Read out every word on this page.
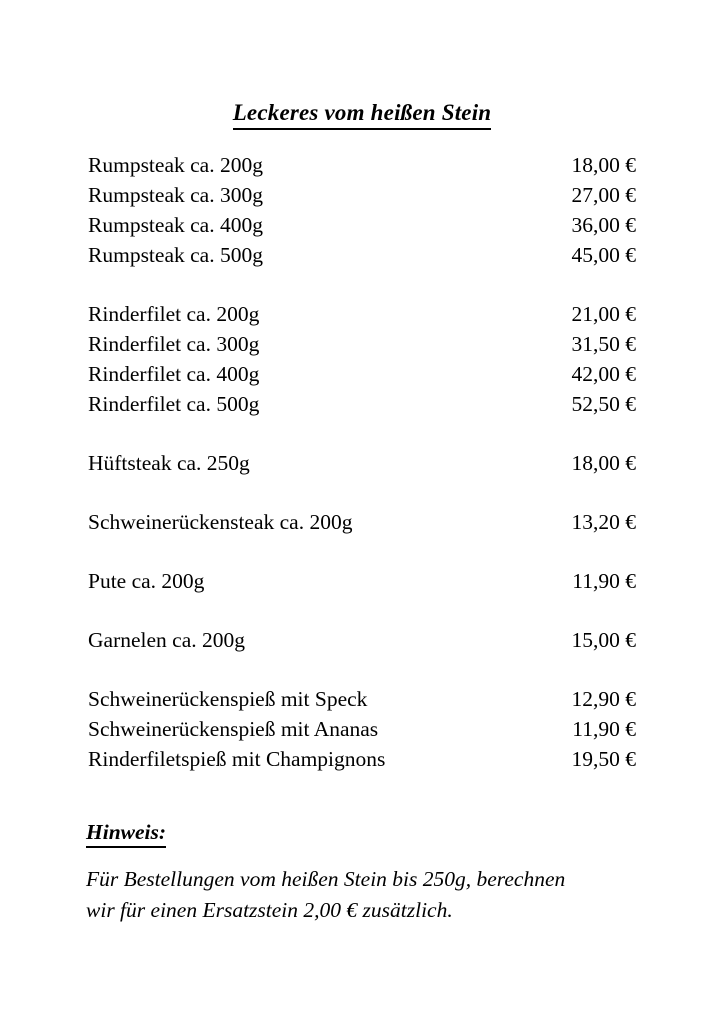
Leckeres vom heißen Stein
Rumpsteak ca. 200g	18,00 €
Rumpsteak ca. 300g	27,00 €
Rumpsteak ca. 400g	36,00 €
Rumpsteak ca. 500g	45,00 €
Rinderfilet ca. 200g	21,00 €
Rinderfilet ca. 300g	31,50 €
Rinderfilet ca. 400g	42,00 €
Rinderfilet ca. 500g	52,50 €
Hüftsteak ca. 250g	18,00 €
Schweinerückensteak ca. 200g	13,20 €
Pute ca. 200g	11,90 €
Garnelen ca. 200g	15,00 €
Schweinerückenspieß mit Speck	12,90 €
Schweinerückenspieß mit Ananas	11,90 €
Rinderfiletspieß mit Champignons	19,50 €

Hinweis:

Für Bestellungen vom heißen Stein bis 250g, berechnen
wir für einen Ersatzstein 2,00 € zusätzlich.
